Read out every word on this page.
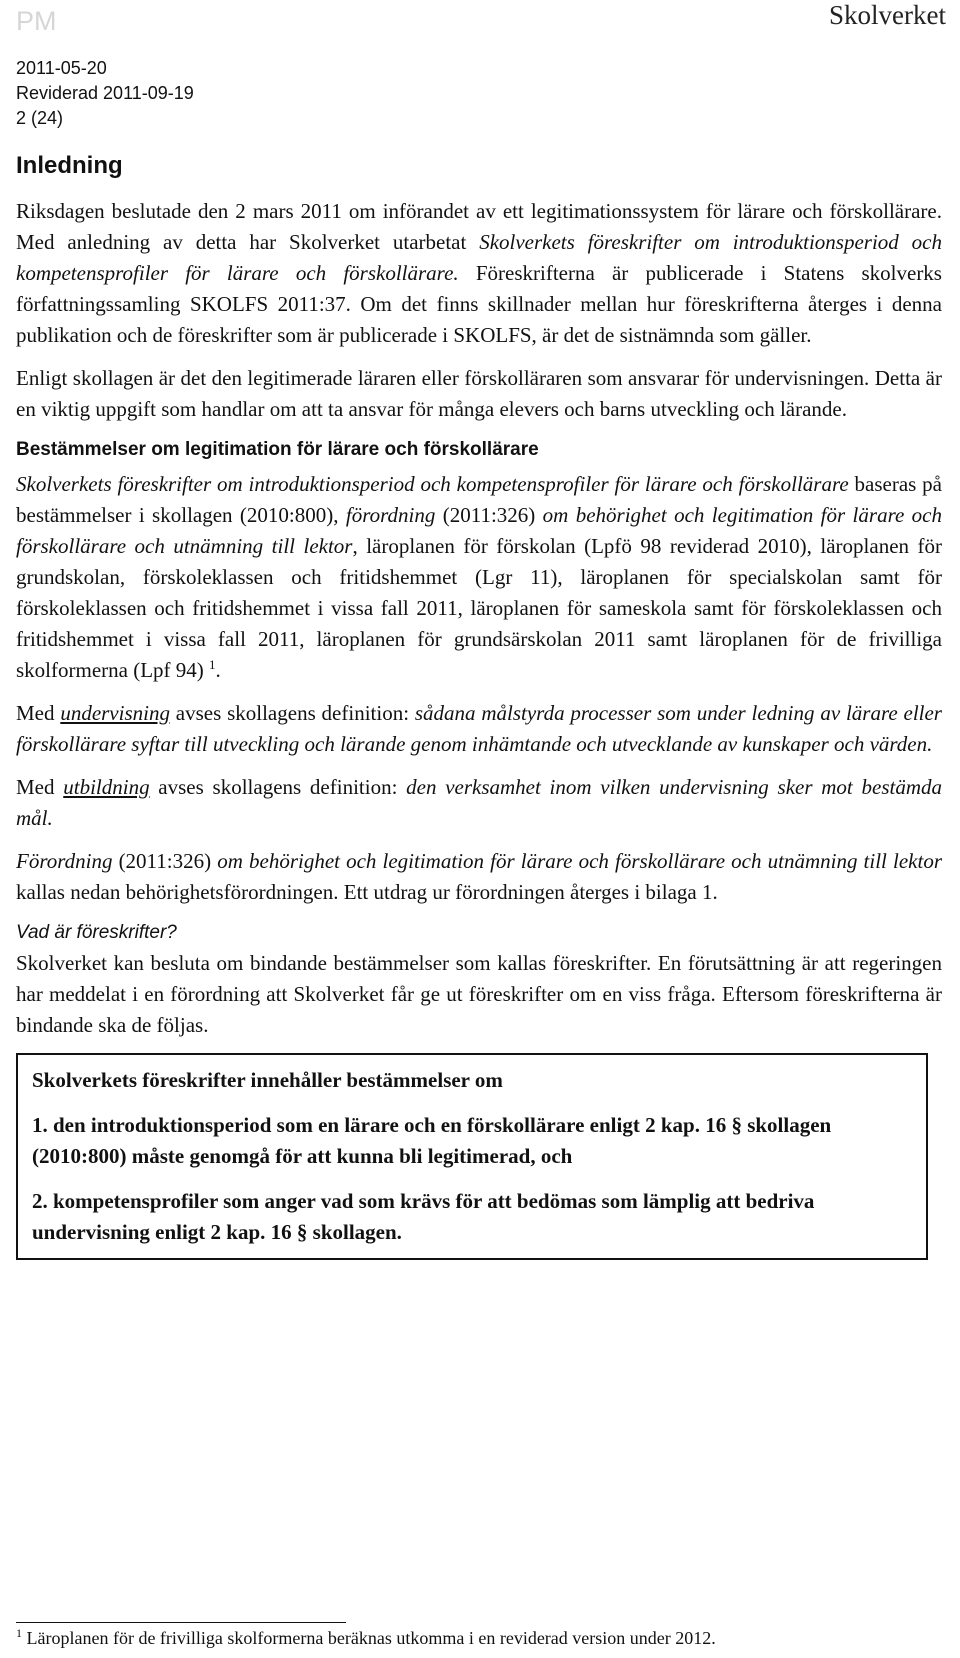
PM	Skolverket
2011-05-20
Reviderad 2011-09-19
2 (24)
Inledning

Riksdagen beslutade den 2 mars 2011 om införandet av ett legitimationssystem för lärare och förskollärare. Med anledning av detta har Skolverket utarbetat Skolverkets föreskrifter om introduktionsperiod och kompetensprofiler för lärare och förskollärare. Föreskrifterna är publicerade i Statens skolverks författningssamling SKOLFS 2011:37. Om det finns skillnader mellan hur föreskrifterna återges i denna publikation och de föreskrifter som är publicerade i SKOLFS, är det de sistnämnda som gäller.

Enligt skollagen är det den legitimerade läraren eller förskolläraren som ansvarar för undervisningen. Detta är en viktig uppgift som handlar om att ta ansvar för många elevers och barns utveckling och lärande.

Bestämmelser om legitimation för lärare och förskollärare

Skolverkets föreskrifter om introduktionsperiod och kompetensprofiler för lärare och förskollärare baseras på bestämmelser i skollagen (2010:800), förordning (2011:326) om behörighet och legitimation för lärare och förskollärare och utnämning till lektor, läroplanen för förskolan (Lpfö 98 reviderad 2010), läroplanen för grundskolan, förskoleklassen och fritidshemmet (Lgr 11), läroplanen för specialskolan samt för förskoleklassen och fritidshemmet i vissa fall 2011, läroplanen för sameskola samt för förskoleklassen och fritidshemmet i vissa fall 2011, läroplanen för grundsärskolan 2011 samt läroplanen för de frivilliga skolformerna (Lpf 94) $^1$.

Med undervisning avses skollagens definition: sådana målstyrda processer som under ledning av lärare eller förskollärare syftar till utveckling och lärande genom inhämtande och utvecklande av kunskaper och värden.

Med utbildning avses skollagens definition: den verksamhet inom vilken undervisning sker mot bestämda mål.

Förordning (2011:326) om behörighet och legitimation för lärare och förskollärare och utnämning till lektor kallas nedan behörighetsförordningen. Ett utdrag ur förordningen återges i bilaga 1.

Vad är föreskrifter?

Skolverket kan besluta om bindande bestämmelser som kallas föreskrifter. En förutsättning är att regeringen har meddelat i en förordning att Skolverket får ge ut föreskrifter om en viss fråga. Eftersom föreskrifterna är bindande ska de följas.

Skolverkets föreskrifter innehåller bestämmelser om
1. den introduktionsperiod som en lärare och en förskollärare enligt 2 kap. 16 § skollagen (2010:800) måste genomgå för att kunna bli legitimerad, och
2. kompetensprofiler som anger vad som krävs för att bedömas som lämplig att bedriva undervisning enligt 2 kap. 16 § skollagen.
$^1$ Läroplanen för de frivilliga skolformerna beräknas utkomma i en reviderad version under 2012.
